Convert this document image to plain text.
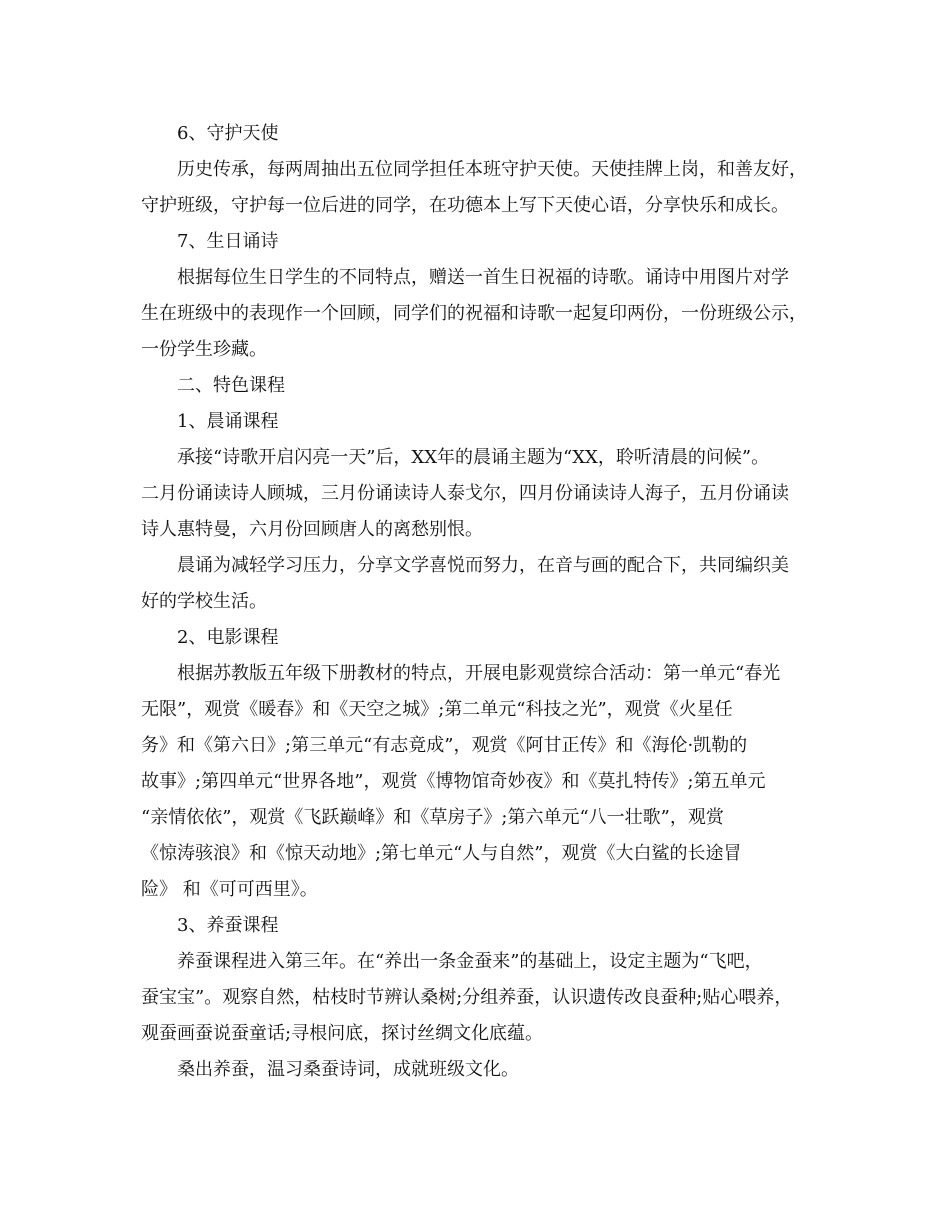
6、守护天使
历史传承，每两周抽出五位同学担任本班守护天使。天使挂牌上岗，和善友好，
守护班级，守护每一位后进的同学，在功德本上写下天使心语，分享快乐和成长。
7、生日诵诗
根据每位生日学生的不同特点，赠送一首生日祝福的诗歌。诵诗中用图片对学
生在班级中的表现作一个回顾，同学们的祝福和诗歌一起复印两份，一份班级公示，
一份学生珍藏。
二、特色课程
1、晨诵课程
承接“诗歌开启闪亮一天”后，XX年的晨诵主题为“XX，聆听清晨的问候”。
二月份诵读诗人顾城，三月份诵读诗人泰戈尔，四月份诵读诗人海子，五月份诵读
诗人惠特曼，六月份回顾唐人的离愁别恨。
晨诵为减轻学习压力，分享文学喜悦而努力，在音与画的配合下，共同编织美
好的学校生活。
2、电影课程
根据苏教版五年级下册教材的特点，开展电影观赏综合活动：第一单元“春光
无限”，观赏《暖春》和《天空之城》;第二单元“科技之光”，观赏《火星任
务》和《第六日》;第三单元“有志竟成”，观赏《阿甘正传》和《海伦·凯勒的
故事》;第四单元“世界各地”，观赏《博物馆奇妙夜》和《莫扎特传》;第五单元
“亲情依依”，观赏《飞跃巅峰》和《草房子》;第六单元“八一壮歌”，观赏
《惊涛骇浪》和《惊天动地》;第七单元“人与自然”，观赏《大白鲨的长途冒
险》 和《可可西里》。
3、养蚕课程
养蚕课程进入第三年。在“养出一条金蚕来”的基础上，设定主题为“飞吧，
蚕宝宝”。观察自然，枯枝时节辨认桑树;分组养蚕，认识遗传改良蚕种;贴心喂养，
观蚕画蚕说蚕童话;寻根问底，探讨丝绸文化底蕴。
桑出养蚕，温习桑蚕诗词，成就班级文化。
